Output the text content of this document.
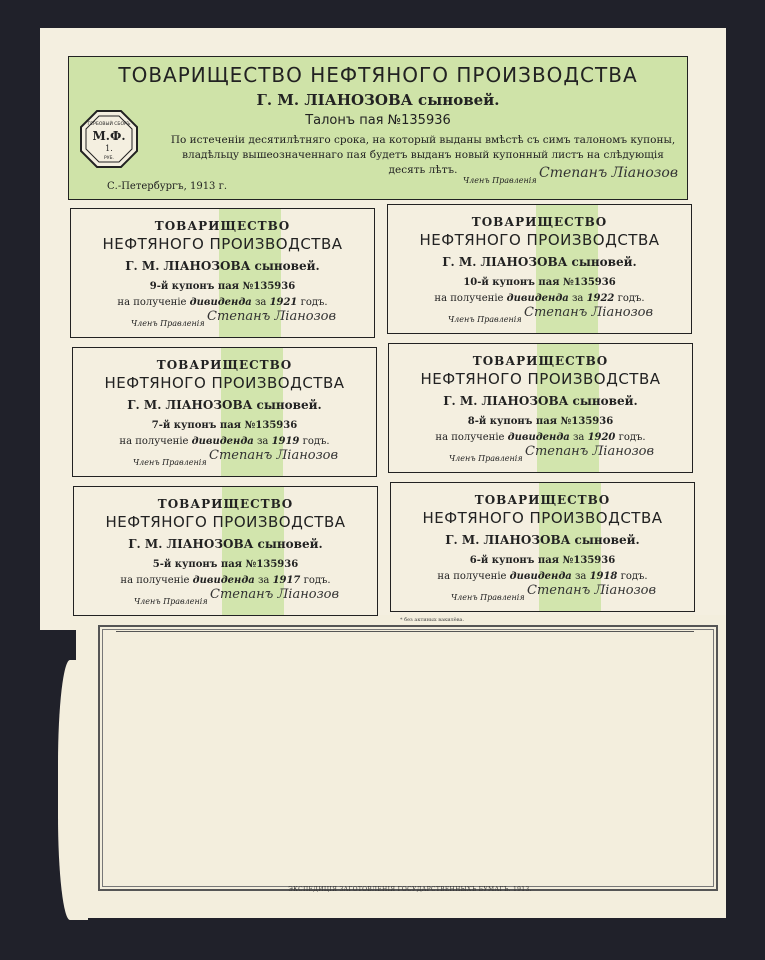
* без актиных вакилёва.
ЭКСПЕДИЦІЯ ЗАГОТОВЛЕНІЯ ГОСУДАРСТВЕННЫХЪ БУМАГЪ. 1913.
ТОВАРИЩЕСТВО НЕФТЯНОГО ПРОИЗВОДСТВА
Г. М. ЛІАНОЗОВА сыновей.
Талонъ пая №135936
По истеченіи десятилѣтняго срока, на который выданы вмѣстѣ съ симъ талономъ купоны, владѣльцу вышеозначеннаго пая будетъ выданъ новый купонный листъ на слѣдующія десять лѣтъ.
С.-Петербургъ, 1913 г.
Членъ Правленія Степанъ Лiанозов
М.Ф.
1.
ГЕРБОВЫЙ СБОРЪ
РУБ.
ТОВАРИЩЕСТВО
НЕФТЯНОГО ПРОИЗВОДСТВА
Г. М. ЛІАНОЗОВА сыновей.
9-й купонъ пая №135936
на полученіе дивиденда за 1921 годъ.
Членъ Правленія Степанъ Лiанозов
ТОВАРИЩЕСТВО
НЕФТЯНОГО ПРОИЗВОДСТВА
Г. М. ЛІАНОЗОВА сыновей.
10-й купонъ пая №135936
на полученіе дивиденда за 1922 годъ.
Членъ Правленія Степанъ Лiанозов
ТОВАРИЩЕСТВО
НЕФТЯНОГО ПРОИЗВОДСТВА
Г. М. ЛІАНОЗОВА сыновей.
7-й купонъ пая №135936
на полученіе дивиденда за 1919 годъ.
Членъ Правленія Степанъ Лiанозов
ТОВАРИЩЕСТВО
НЕФТЯНОГО ПРОИЗВОДСТВА
Г. М. ЛІАНОЗОВА сыновей.
8-й купонъ пая №135936
на полученіе дивиденда за 1920 годъ.
Членъ Правленія Степанъ Лiанозов
ТОВАРИЩЕСТВО
НЕФТЯНОГО ПРОИЗВОДСТВА
Г. М. ЛІАНОЗОВА сыновей.
5-й купонъ пая №135936
на полученіе дивиденда за 1917 годъ.
Членъ Правленія Степанъ Лiанозов
ТОВАРИЩЕСТВО
НЕФТЯНОГО ПРОИЗВОДСТВА
Г. М. ЛІАНОЗОВА сыновей.
6-й купонъ пая №135936
на полученіе дивиденда за 1918 годъ.
Членъ Правленія Степанъ Лiанозов
